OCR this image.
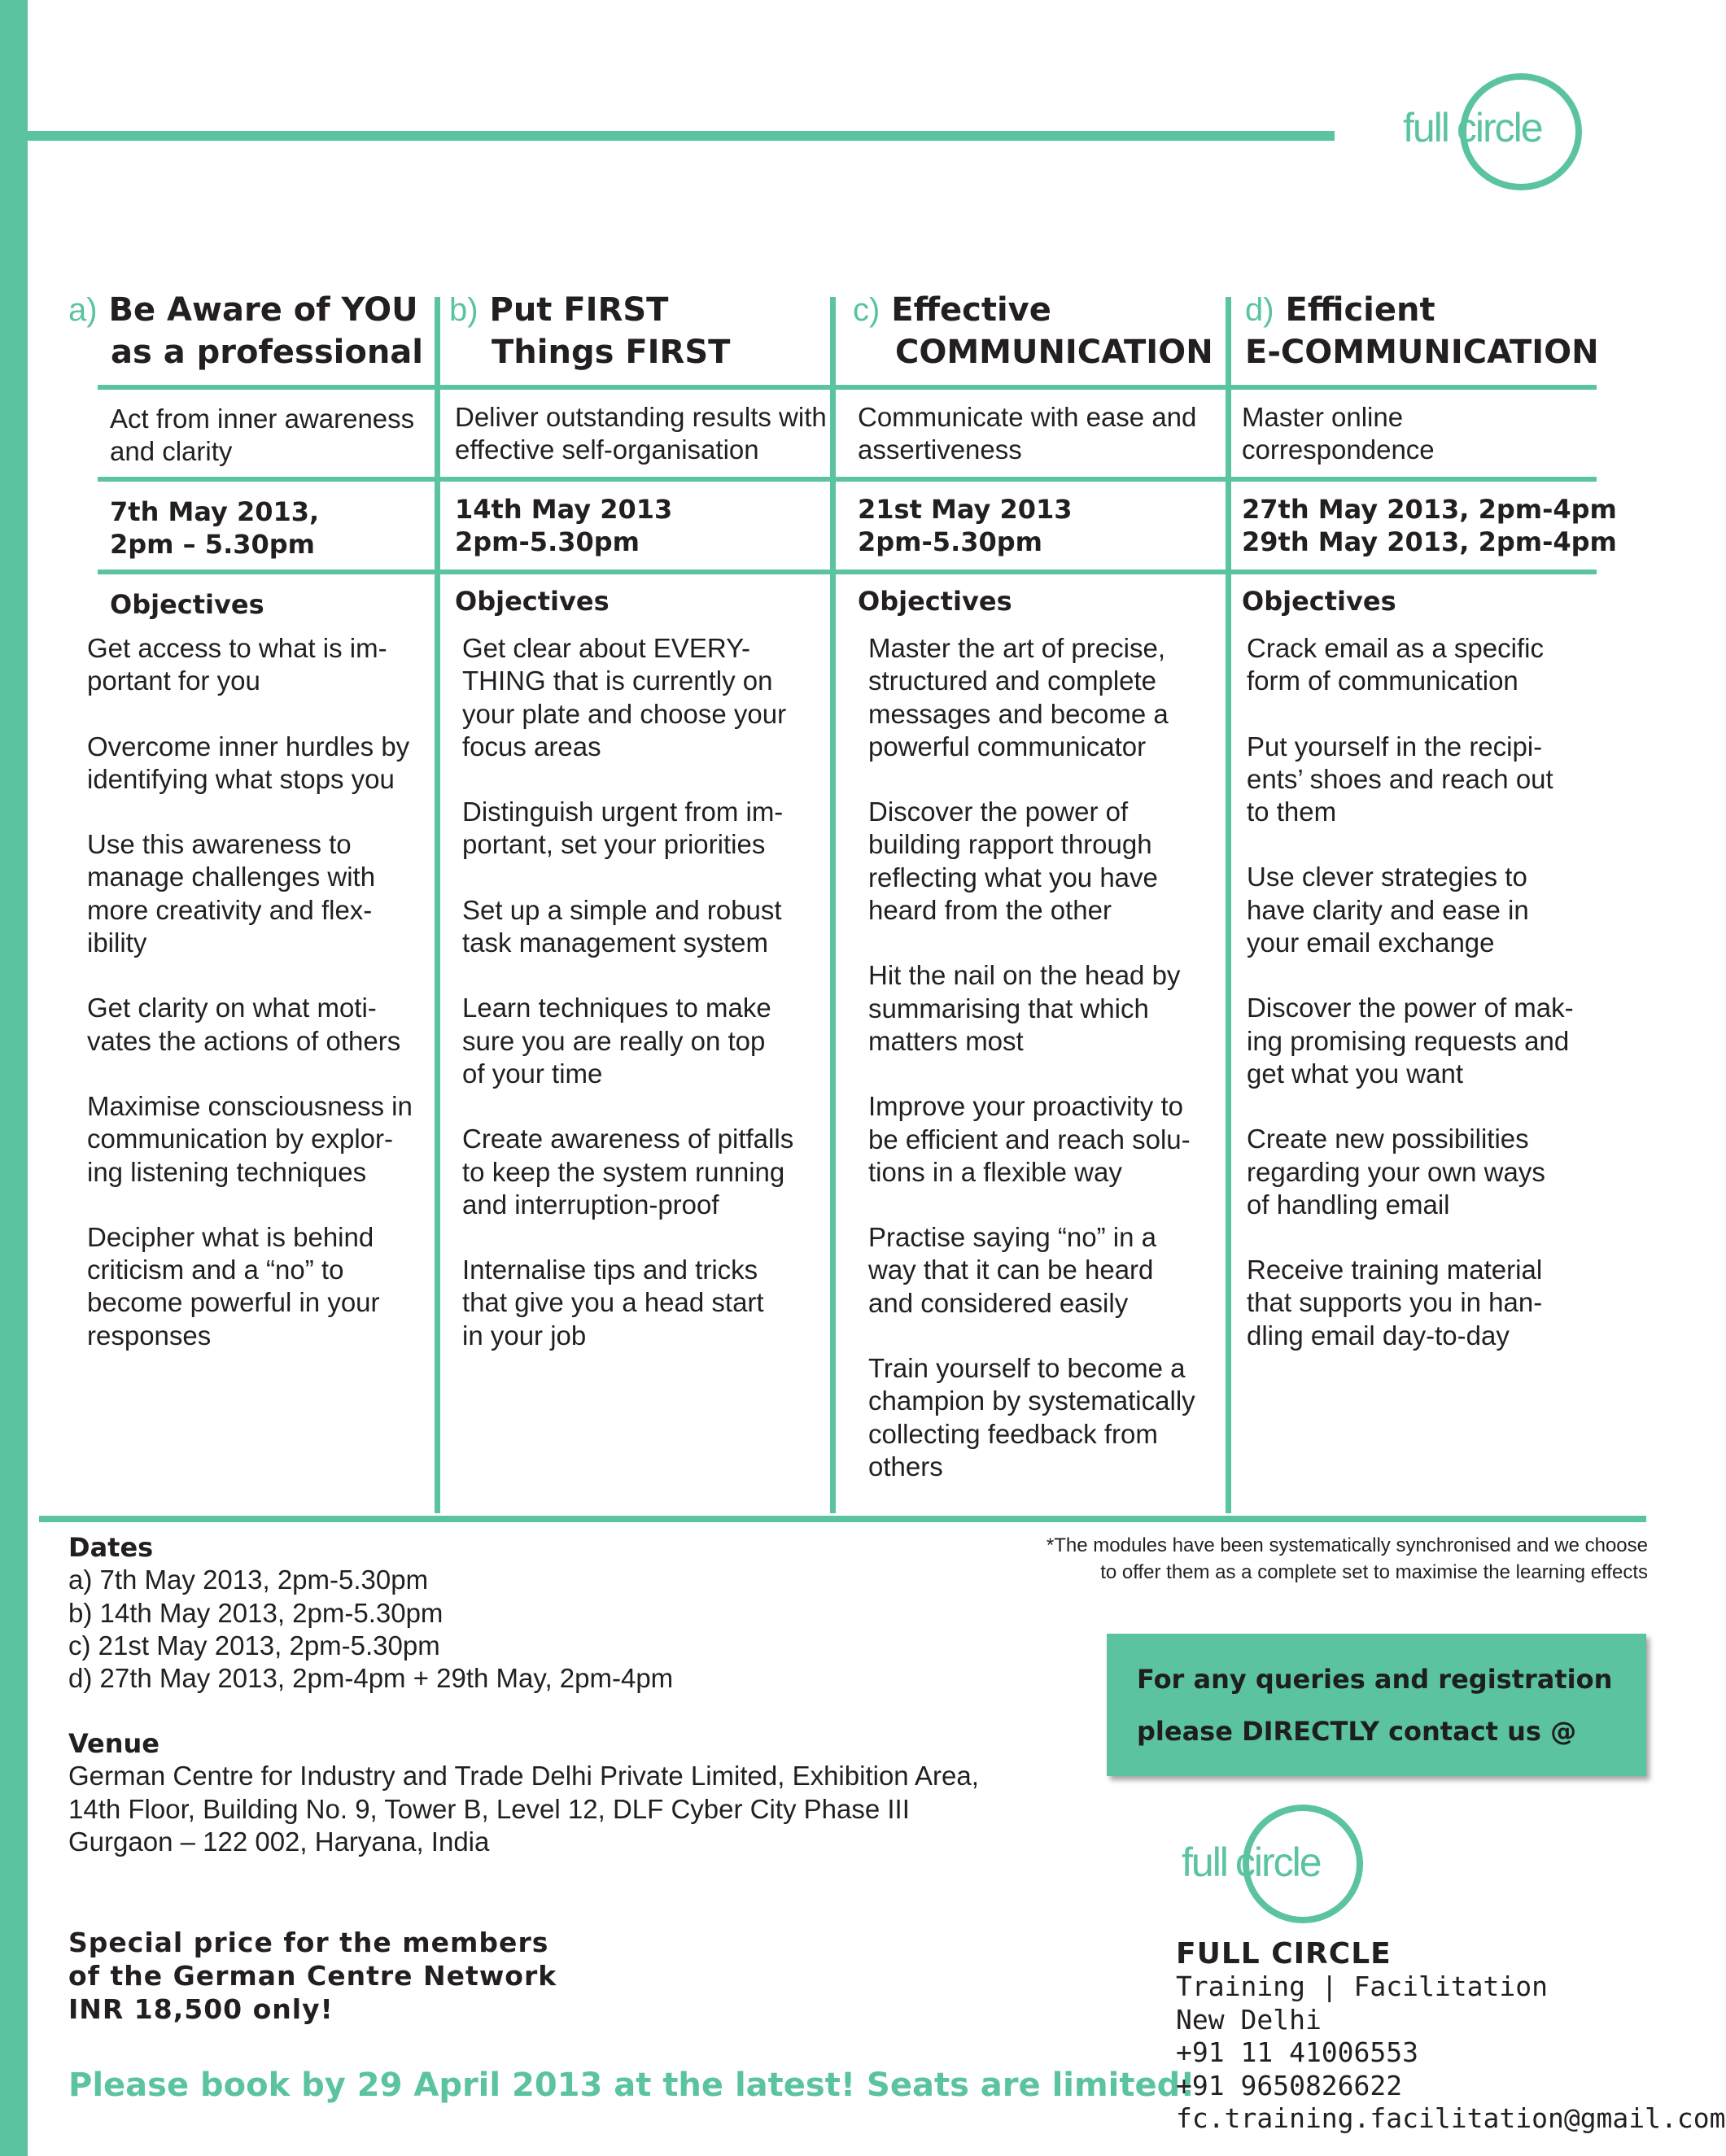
full circle
a) Be Aware of YOU
as a professional
Act from inner awareness
and clarity
7th May 2013,
2pm – 5.30pm
Objectives
Get access to what is im-
portant for you
Overcome inner hurdles by
identifying what stops you
Use this awareness to
manage challenges with
more creativity and flex-
ibility
Get clarity on what moti-
vates the actions of others
Maximise consciousness in
communication by explor-
ing listening techniques
Decipher what is behind
criticism and a “no” to
become powerful in your
responses
b) Put FIRST
Things FIRST
Deliver outstanding results with
effective self-organisation
14th May 2013
2pm-5.30pm
Objectives
Get clear about EVERY-
THING that is currently on
your plate and choose your
focus areas
Distinguish urgent from im-
portant, set your priorities
Set up a simple and robust
task management system
Learn techniques to make
sure you are really on top
of your time
Create awareness of pitfalls
to keep the system running
and interruption-proof
Internalise tips and tricks
that give you a head start
in your job
c) Effective
COMMUNICATION
Communicate with ease and
assertiveness
21st May 2013
2pm-5.30pm
Objectives
Master the art of precise,
structured and complete
messages and become a
powerful communicator
Discover the power of
building rapport through
reflecting what you have
heard from the other
Hit the nail on the head by
summarising that which
matters most
Improve your proactivity to
be efficient and reach solu-
tions in a flexible way
Practise saying “no” in a
way that it can be heard
and considered easily
Train yourself to become a
champion by systematically
collecting feedback from
others
d) Efficient
E-COMMUNICATION
Master online
correspondence
27th May 2013, 2pm-4pm
29th May 2013, 2pm-4pm
Objectives
Crack email as a specific
form of communication
Put yourself in the recipi-
ents’ shoes and reach out
to them
Use clever strategies to
have clarity and ease in
your email exchange
Discover the power of mak-
ing promising requests and
get what you want
Create new possibilities
regarding your own ways
of handling email
Receive training material
that supports you in han-
dling email day-to-day
*The modules have been systematically synchronised and we choose
to offer them as a complete set to maximise the learning effects
Dates
a) 7th May 2013, 2pm-5.30pm
b) 14th May 2013, 2pm-5.30pm
c) 21st May 2013, 2pm-5.30pm
d) 27th May 2013, 2pm-4pm + 29th May, 2pm-4pm
Venue
German Centre for Industry and Trade Delhi Private Limited, Exhibition Area,
14th Floor, Building No. 9, Tower B, Level 12, DLF Cyber City Phase III
Gurgaon – 122 002, Haryana, India
Special price for the members
of the German Centre Network
INR 18,500 only!
Please book by 29 April 2013 at the latest! Seats are limited!
For any queries and registration
please DIRECTLY contact us @
full circle
FULL CIRCLE
Training | Facilitation
New Delhi
+91 11 41006553
+91 9650826622
fc.training.facilitation@gmail.com
